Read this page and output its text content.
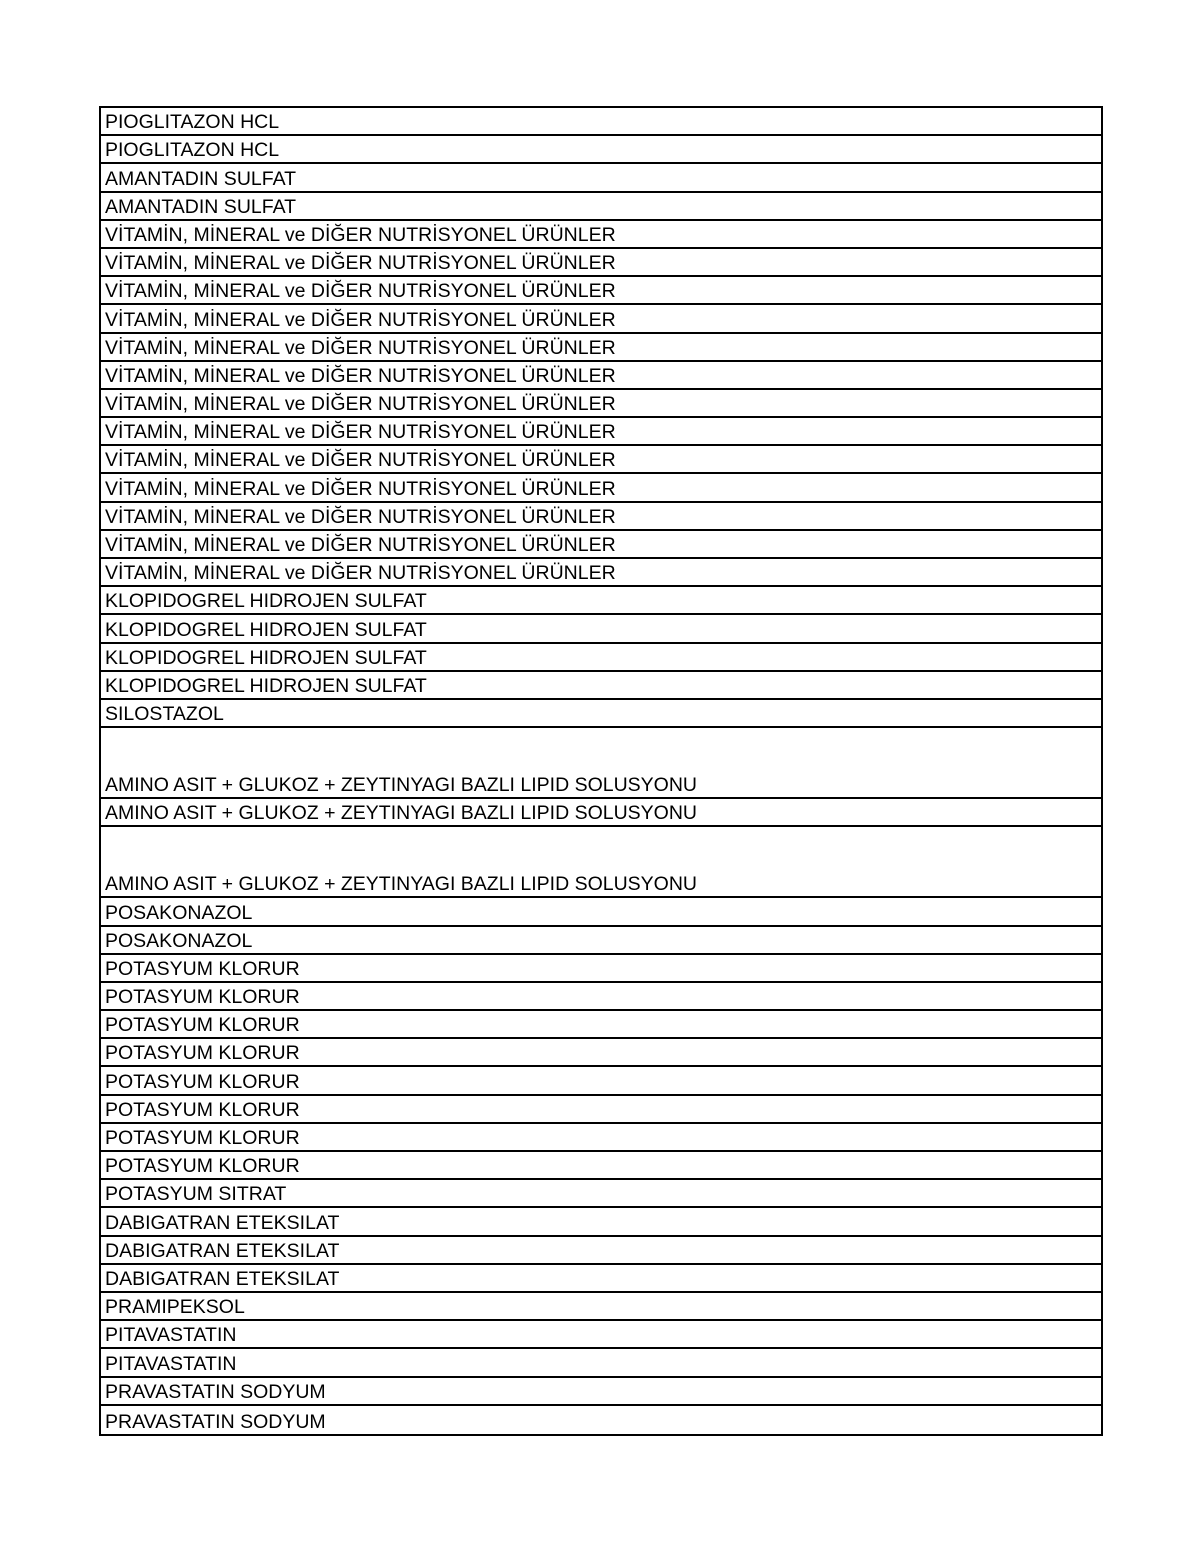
PIOGLITAZON HCL
PIOGLITAZON HCL
AMANTADIN SULFAT
AMANTADIN SULFAT
VİTAMİN, MİNERAL ve DİĞER NUTRİSYONEL ÜRÜNLER
VİTAMİN, MİNERAL ve DİĞER NUTRİSYONEL ÜRÜNLER
VİTAMİN, MİNERAL ve DİĞER NUTRİSYONEL ÜRÜNLER
VİTAMİN, MİNERAL ve DİĞER NUTRİSYONEL ÜRÜNLER
VİTAMİN, MİNERAL ve DİĞER NUTRİSYONEL ÜRÜNLER
VİTAMİN, MİNERAL ve DİĞER NUTRİSYONEL ÜRÜNLER
VİTAMİN, MİNERAL ve DİĞER NUTRİSYONEL ÜRÜNLER
VİTAMİN, MİNERAL ve DİĞER NUTRİSYONEL ÜRÜNLER
VİTAMİN, MİNERAL ve DİĞER NUTRİSYONEL ÜRÜNLER
VİTAMİN, MİNERAL ve DİĞER NUTRİSYONEL ÜRÜNLER
VİTAMİN, MİNERAL ve DİĞER NUTRİSYONEL ÜRÜNLER
VİTAMİN, MİNERAL ve DİĞER NUTRİSYONEL ÜRÜNLER
VİTAMİN, MİNERAL ve DİĞER NUTRİSYONEL ÜRÜNLER
KLOPIDOGREL HIDROJEN SULFAT
KLOPIDOGREL HIDROJEN SULFAT
KLOPIDOGREL HIDROJEN SULFAT
KLOPIDOGREL HIDROJEN SULFAT
SILOSTAZOL
AMINO ASIT + GLUKOZ + ZEYTINYAGI BAZLI LIPID SOLUSYONU
AMINO ASIT + GLUKOZ + ZEYTINYAGI BAZLI LIPID SOLUSYONU
AMINO ASIT + GLUKOZ + ZEYTINYAGI BAZLI LIPID SOLUSYONU
POSAKONAZOL
POSAKONAZOL
POTASYUM KLORUR
POTASYUM KLORUR
POTASYUM KLORUR
POTASYUM KLORUR
POTASYUM KLORUR
POTASYUM KLORUR
POTASYUM KLORUR
POTASYUM KLORUR
POTASYUM SITRAT
DABIGATRAN ETEKSILAT
DABIGATRAN ETEKSILAT
DABIGATRAN ETEKSILAT
PRAMIPEKSOL
PITAVASTATIN
PITAVASTATIN
PRAVASTATIN SODYUM
PRAVASTATIN SODYUM
